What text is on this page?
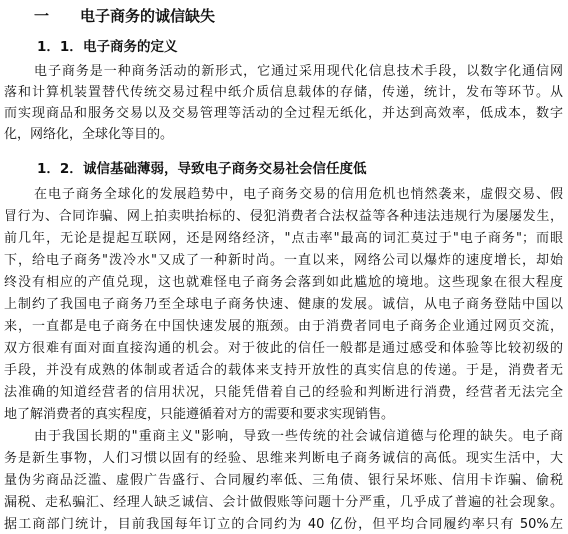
一 电子商务的诚信缺失
1．1．电子商务的定义
电子商务是一种商务活动的新形式，它通过采用现代化信息技术手段，以数字化通信网
落和计算机装置替代传统交易过程中纸介质信息载体的存储，传递，统计，发布等环节。从
而实现商品和服务交易以及交易管理等活动的全过程无纸化，并达到高效率，低成本，数字
化，网络化，全球化等目的。
1．2．诚信基础薄弱，导致电子商务交易社会信任度低
在电子商务全球化的发展趋势中，电子商务交易的信用危机也悄然袭来，虚假交易、假
冒行为、合同诈骗、网上拍卖哄抬标的、侵犯消费者合法权益等各种违法违规行为屡屡发生，
前几年，无论是提起互联网，还是网络经济，"点击率"最高的词汇莫过于"电子商务"；而眼
下，给电子商务"泼冷水"又成了一种新时尚。一直以来，网络公司以爆炸的速度增长，却始
终没有相应的产值兑现，这也就难怪电子商务会落到如此尴尬的境地。这些现象在很大程度
上制约了我国电子商务乃至全球电子商务快速、健康的发展。诚信，从电子商务登陆中国以
来，一直都是电子商务在中国快速发展的瓶颈。由于消费者同电子商务企业通过网页交流，
双方很难有面对面直接沟通的机会。对于彼此的信任一般都是通过感受和体验等比较初级的
手段，并没有成熟的体制或者适合的载体来支持开放性的真实信息的传递。于是，消费者无
法准确的知道经营者的信用状况，只能凭借着自己的经验和判断进行消费，经营者无法完全
地了解消费者的真实程度，只能遵循着对方的需要和要求实现销售。
由于我国长期的"重商主义"影响，导致一些传统的社会诚信道德与伦理的缺失。电子商
务是新生事物，人们习惯以固有的经验、思维来判断电子商务诚信的高低。现实生活中，大
量伪劣商品泛滥、虚假广告盛行、合同履约率低、三角债、银行呆坏账、信用卡诈骗、偷税
漏税、走私骗汇、经理人缺乏诚信、会计做假账等问题十分严重，几乎成了普遍的社会现象。
据工商部门统计，目前我国每年订立的合同约为 40 亿份，但平均合同履约率只有 50%左
